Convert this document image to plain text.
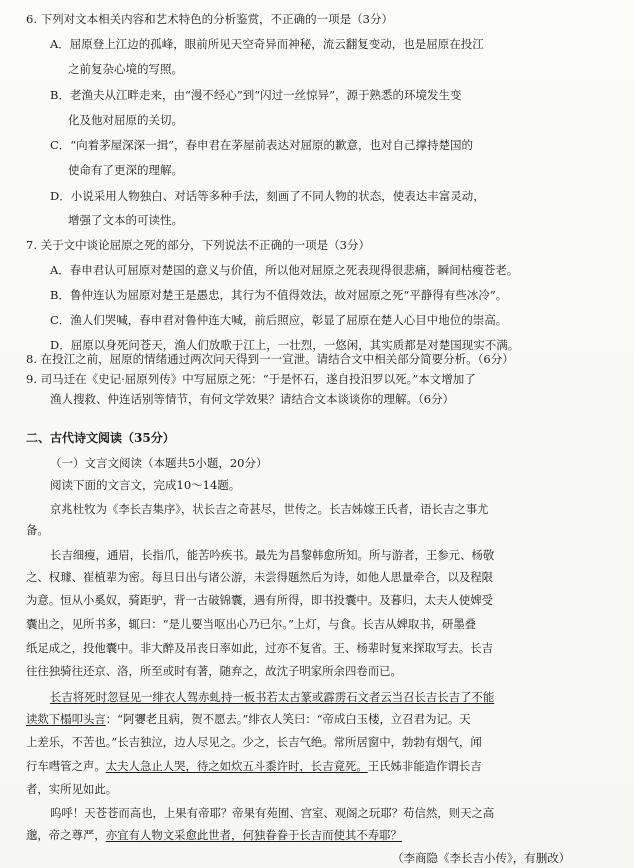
6. 下列对文本相关内容和艺术特色的分析鉴赏，不正确的一项是（3分）
A．屈原登上江边的孤峰，眼前所见天空奇异而神秘，流云翻复变动，也是屈原在投江
之前复杂心境的写照。
B．老渔夫从江畔走来，由“漫不经心”到“闪过一丝惊异”，源于熟悉的环境发生变
化及他对屈原的关切。
C．“向着茅屋深深一揖”，春申君在茅屋前表达对屈原的歉意，也对自己撑持楚国的
使命有了更深的理解。
D．小说采用人物独白、对话等多种手法，刻画了不同人物的状态，使表达丰富灵动，
增强了文本的可读性。
7. 关于文中谈论屈原之死的部分，下列说法不正确的一项是（3分）
A．春申君认可屈原对楚国的意义与价值，所以他对屈原之死表现得很悲痛，瞬间枯瘦苍老。
B．鲁仲连认为屈原对楚王是愚忠，其行为不值得效法，故对屈原之死“平静得有些冰冷”。
C．渔人们哭喊，春申君对鲁仲连大喊，前后照应，彰显了屈原在楚人心目中地位的崇高。
D．屈原以身死问苍天，渔人们放歌于江上，一壮烈，一悠闲，其实质都是对楚国现实不满。
8. 在投江之前，屈原的情绪通过两次问天得到一一宣泄。请结合文中相关部分简要分析。（6分）
9. 司马迁在《史记·屈原列传》中写屈原之死：“于是怀石，遂自投汨罗以死。”本文增加了
渔人搜救、仲连话别等情节，有何文学效果？请结合文本谈谈你的理解。（6分）
二、古代诗文阅读（35分）
（一）文言文阅读（本题共5小题，20分）
阅读下面的文言文，完成10～14题。
京兆杜牧为《李长吉集序》，状长吉之奇甚尽，世传之。长吉姊嫁王氏者，语长吉之事尤
备。
长吉细瘦，通眉，长指爪，能苦吟疾书。最先为昌黎韩愈所知。所与游者，王参元、杨敬
之、权璩、崔植辈为密。每旦日出与诸公游，未尝得题然后为诗，如他人思量牵合，以及程限
为意。恒从小奚奴，骑距驴，背一古破锦囊，遇有所得，即书投囊中。及暮归，太夫人使婢受
囊出之，见所书多，辄曰：“是儿要当呕出心乃已尔。”上灯，与食。长吉从婢取书，研墨叠
纸足成之，投他囊中。非大醉及吊丧日率如此，过亦不复省。王、杨辈时复来探取写去。长吉
往往独骑往还京、洛，所至或时有著，随弃之，故沈子明家所余四卷而已。
长吉将死时忽昼见一绯衣人驾赤虬持一板书若太古篆或霹雳石文者云当召长吉长吉了不能
读欻下榻叩头言：“阿㜷老且病，贺不愿去。”绯衣人笑曰：“帝成白玉楼，立召君为记。天
上差乐，不苦也。”长吉独泣，边人尽见之。少之，长吉气绝。常所居窗中，勃勃有烟气，闻
行车嘒管之声。太夫人急止人哭，待之如炊五斗黍许时，长吉竟死。王氏姊非能造作谓长吉
者，实所见如此。
呜呼！天苍苍而高也，上果有帝耶？帝果有苑囿、宫室、观阁之玩耶？苟信然，则天之高
邈，帝之尊严，亦宜有人物文采愈此世者，何独眷眷于长吉而使其不寿耶？
（李商隐《李长吉小传》，有删改）
